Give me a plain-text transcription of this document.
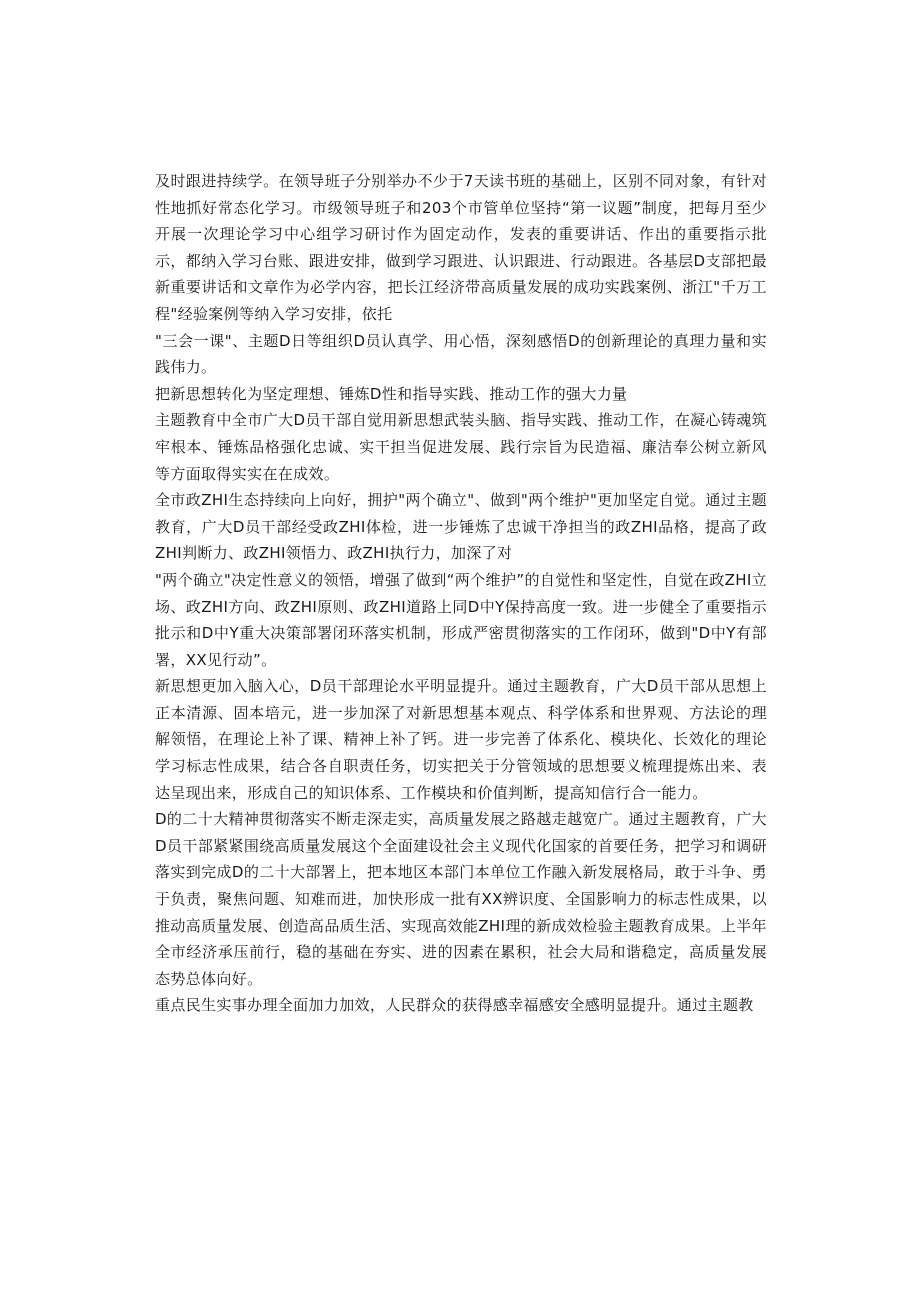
及时跟进持续学。在领导班子分别举办不少于7天读书班的基础上，区别不同对象，有针对性地抓好常态化学习。市级领导班子和203个市管单位坚持“第一议题”制度，把每月至少开展一次理论学习中心组学习研讨作为固定动作，发表的重要讲话、作出的重要指示批示，都纳入学习台账、跟进安排，做到学习跟进、认识跟进、行动跟进。各基层D支部把最新重要讲话和文章作为必学内容，把长江经济带高质量发展的成功实践案例、浙江"千万工程"经验案例等纳入学习安排，依托

"三会一课"、主题D日等组织D员认真学、用心悟，深刻感悟D的创新理论的真理力量和实践伟力。

把新思想转化为坚定理想、锤炼D性和指导实践、推动工作的强大力量

主题教育中全市广大D员干部自觉用新思想武装头脑、指导实践、推动工作，在凝心铸魂筑牢根本、锤炼品格强化忠诚、实干担当促进发展、践行宗旨为民造福、廉洁奉公树立新风等方面取得实实在在成效。

全市政ZHI生态持续向上向好，拥护"两个确立"、做到"两个维护"更加坚定自觉。通过主题教育，广大D员干部经受政ZHI体检，进一步锤炼了忠诚干净担当的政ZHI品格，提高了政ZHI判断力、政ZHI领悟力、政ZHI执行力，加深了对

"两个确立"决定性意义的领悟，增强了做到“两个维护”的自觉性和坚定性，自觉在政ZHI立场、政ZHI方向、政ZHI原则、政ZHI道路上同D中Y保持高度一致。进一步健全了重要指示批示和D中Y重大决策部署闭环落实机制，形成严密贯彻落实的工作闭环，做到"D中Y有部署，XX见行动”。

新思想更加入脑入心，D员干部理论水平明显提升。通过主题教育，广大D员干部从思想上正本清源、固本培元，进一步加深了对新思想基本观点、科学体系和世界观、方法论的理解领悟，在理论上补了课、精神上补了钙。进一步完善了体系化、模块化、长效化的理论学习标志性成果，结合各自职责任务，切实把关于分管领域的思想要义梳理提炼出来、表达呈现出来，形成自己的知识体系、工作模块和价值判断，提高知信行合一能力。

D的二十大精神贯彻落实不断走深走实，高质量发展之路越走越宽广。通过主题教育，广大D员干部紧紧围绕高质量发展这个全面建设社会主义现代化国家的首要任务，把学习和调研落实到完成D的二十大部署上，把本地区本部门本单位工作融入新发展格局，敢于斗争、勇于负责，聚焦问题、知难而进，加快形成一批有XX辨识度、全国影响力的标志性成果，以推动高质量发展、创造高品质生活、实现高效能ZHI理的新成效检验主题教育成果。上半年全市经济承压前行，稳的基础在夯实、进的因素在累积，社会大局和谐稳定，高质量发展态势总体向好。

重点民生实事办理全面加力加效，人民群众的获得感幸福感安全感明显提升。通过主题教
